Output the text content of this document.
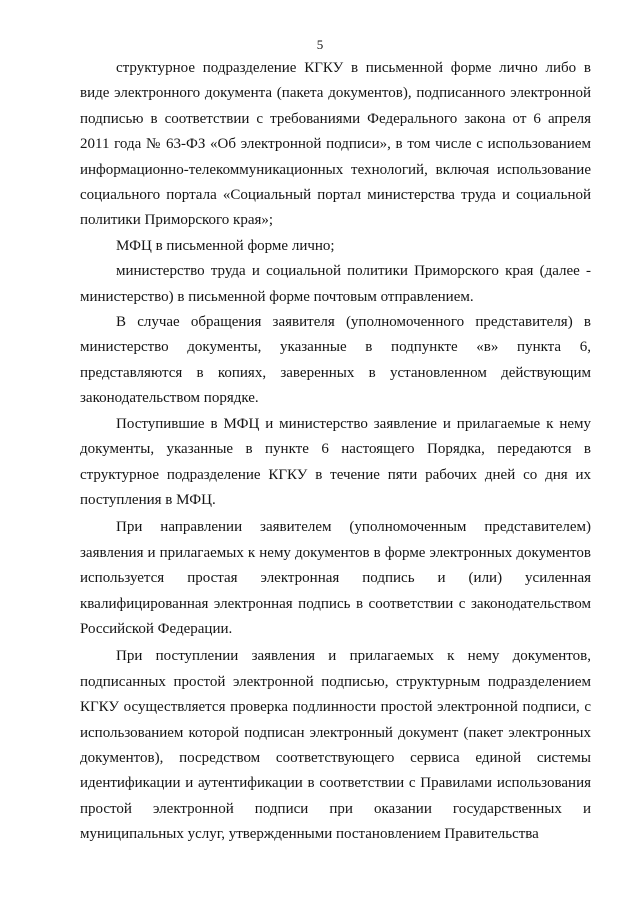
5

структурное подразделение КГКУ в письменной форме лично либо в виде электронного документа (пакета документов), подписанного электронной подписью в соответствии с требованиями Федерального закона от 6 апреля 2011 года № 63-ФЗ «Об электронной подписи», в том числе с использованием информационно-телекоммуникационных технологий, включая использование социального портала «Социальный портал министерства труда и социальной политики Приморского края»;

МФЦ в письменной форме лично;

министерство труда и социальной политики Приморского края (далее - министерство) в письменной форме почтовым отправлением.

В случае обращения заявителя (уполномоченного представителя) в министерство документы, указанные в подпункте «в» пункта 6, представляются в копиях, заверенных в установленном действующим законодательством порядке.

Поступившие в МФЦ и министерство заявление и прилагаемые к нему документы, указанные в пункте 6 настоящего Порядка, передаются в структурное подразделение КГКУ в течение пяти рабочих дней со дня их поступления в МФЦ.

При направлении заявителем (уполномоченным представителем) заявления и прилагаемых к нему документов в форме электронных документов используется простая электронная подпись и (или) усиленная квалифицированная электронная подпись в соответствии с законодательством Российской Федерации.

При поступлении заявления и прилагаемых к нему документов, подписанных простой электронной подписью, структурным подразделением КГКУ осуществляется проверка подлинности простой электронной подписи, с использованием которой подписан электронный документ (пакет электронных документов), посредством соответствующего сервиса единой системы идентификации и аутентификации в соответствии с Правилами использования простой электронной подписи при оказании государственных и муниципальных услуг, утвержденными постановлением Правительства
